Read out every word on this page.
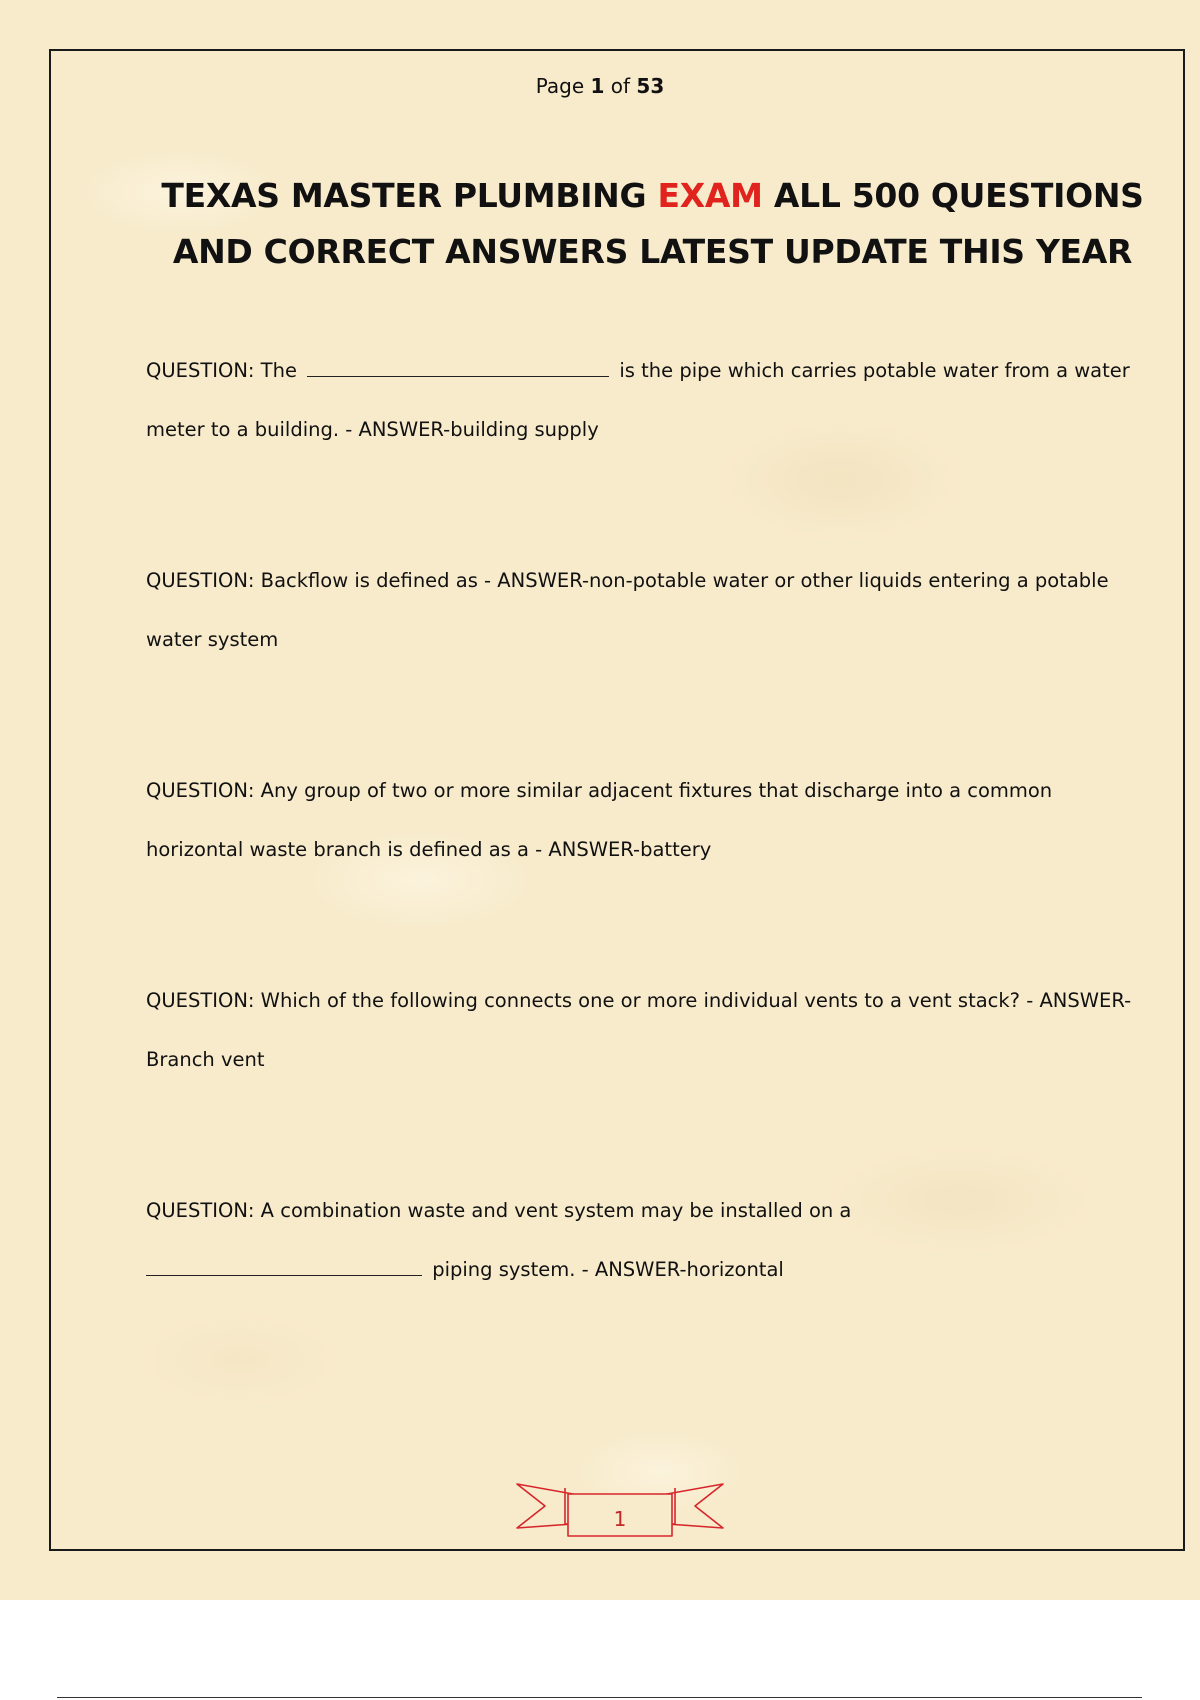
Page 1 of 53
TEXAS MASTER PLUMBING EXAM ALL 500 QUESTIONS AND CORRECT ANSWERS LATEST UPDATE THIS YEAR
QUESTION: The	is the pipe which carries potable water from a water meter to a building. - ANSWER-building supply
QUESTION: Backflow is defined as - ANSWER-non-potable water or other liquids entering a potable water system
QUESTION: Any group of two or more similar adjacent fixtures that discharge into a common horizontal waste branch is defined as a - ANSWER-battery
QUESTION: Which of the following connects one or more individual vents to a vent stack? - ANSWER-Branch vent
QUESTION: A combination waste and vent system may be installed on a
piping system. - ANSWER-horizontal
1
